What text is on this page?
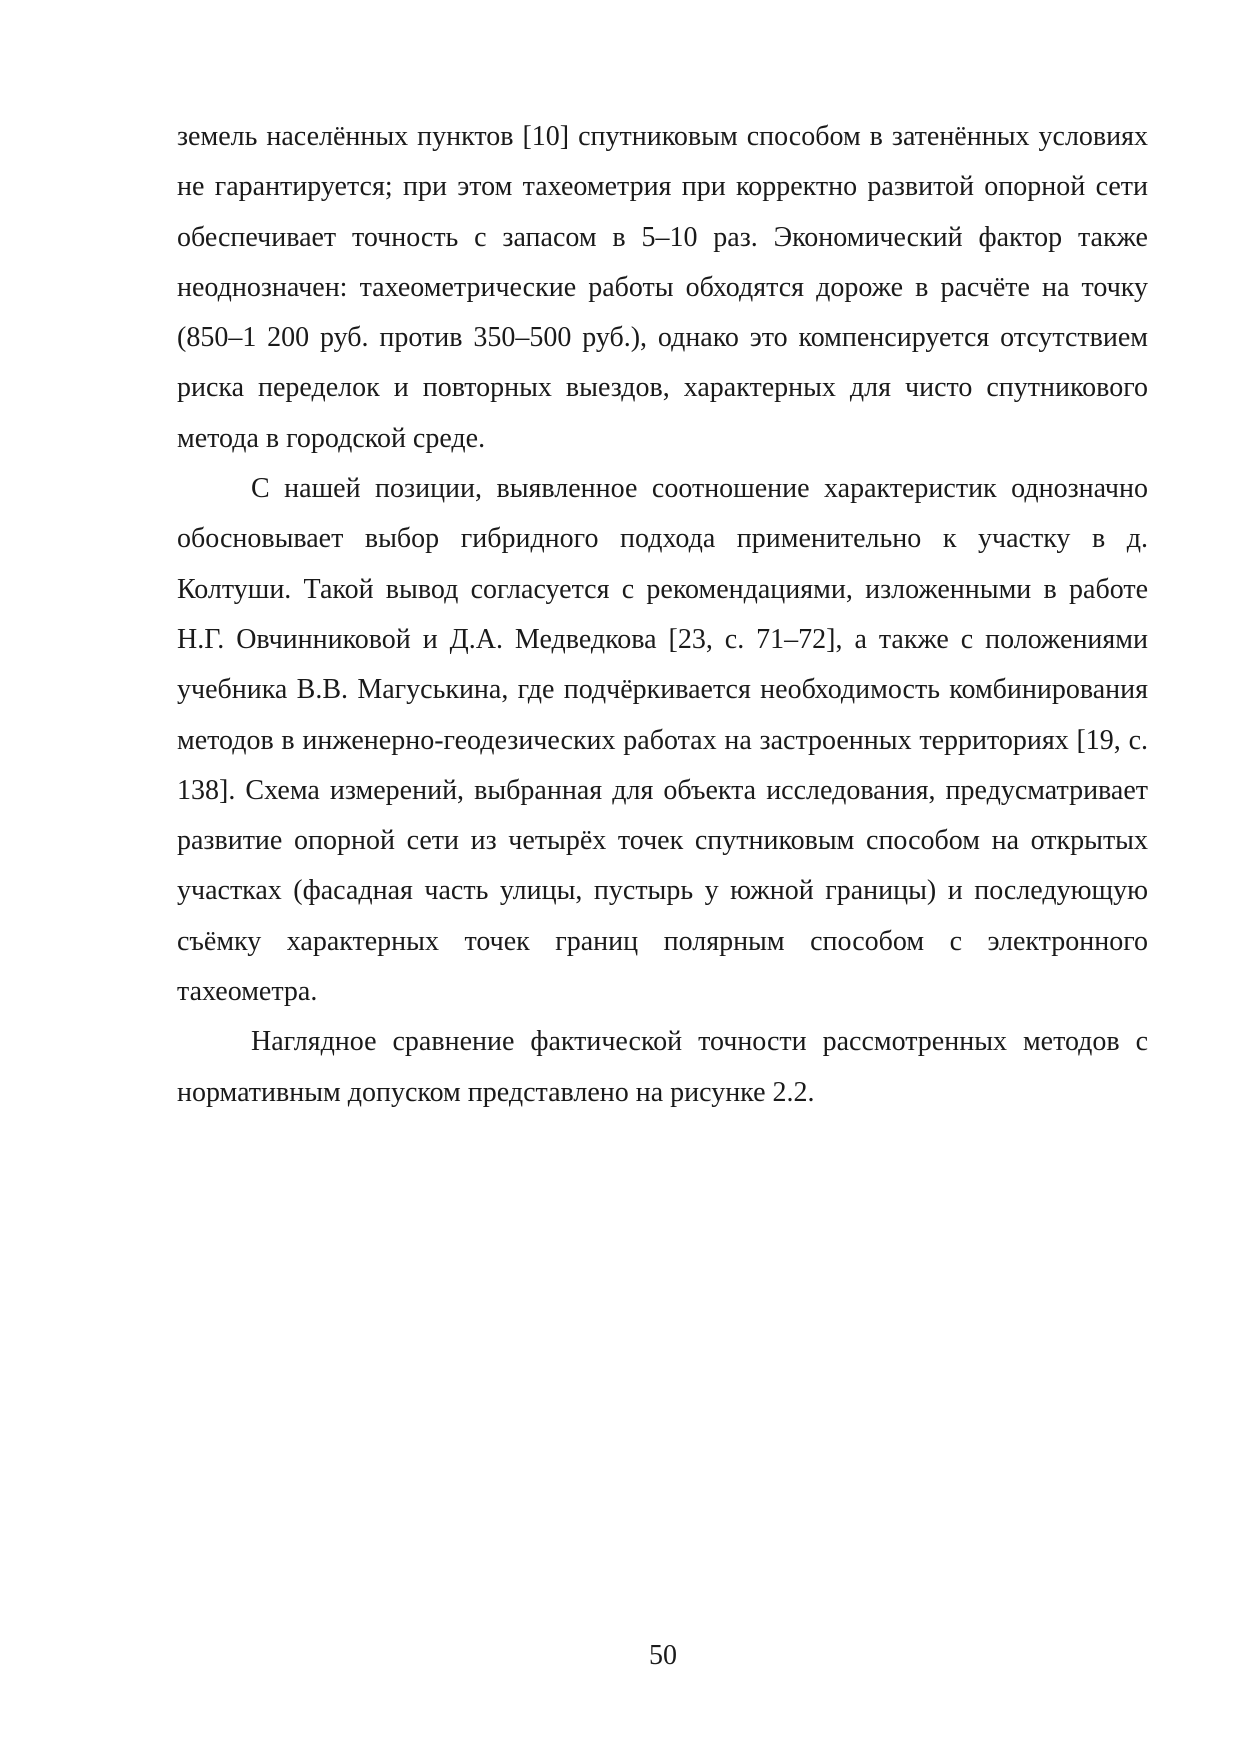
земель населённых пунктов [10] спутниковым способом в затенённых условиях не гарантируется; при этом тахеометрия при корректно развитой опорной сети обеспечивает точность с запасом в 5–10 раз. Экономический фактор также неоднозначен: тахеометрические работы обходятся дороже в расчёте на точку (850–1 200 руб. против 350–500 руб.), однако это компенсируется отсутствием риска переделок и повторных выездов, характерных для чисто спутникового метода в городской среде.

С нашей позиции, выявленное соотношение характеристик однозначно обосновывает выбор гибридного подхода применительно к участку в д. Колтуши. Такой вывод согласуется с рекомендациями, изложенными в работе Н.Г. Овчинниковой и Д.А. Медведкова [23, с. 71–72], а также с положениями учебника В.В. Магуськина, где подчёркивается необходимость комбинирования методов в инженерно-геодезических работах на застроенных территориях [19, с. 138]. Схема измерений, выбранная для объекта исследования, предусматривает развитие опорной сети из четырёх точек спутниковым способом на открытых участках (фасадная часть улицы, пустырь у южной границы) и последующую съёмку характерных точек границ полярным способом с электронного тахеометра.

Наглядное сравнение фактической точности рассмотренных методов с нормативным допуском представлено на рисунке 2.2.

50
